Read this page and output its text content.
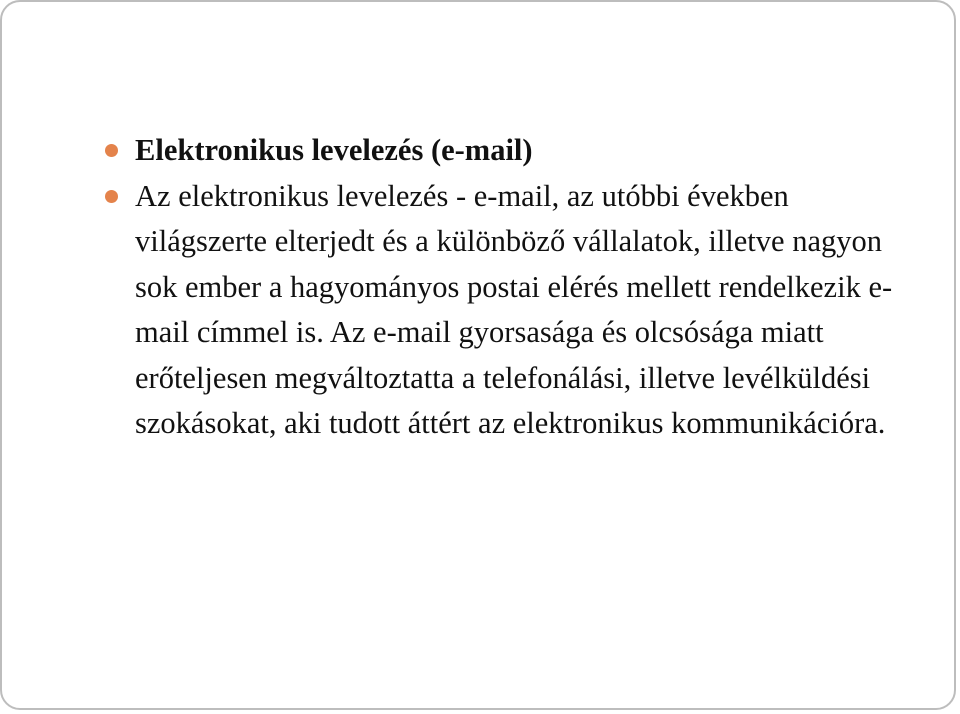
Elektronikus levelezés (e-mail)
Az elektronikus levelezés - e-mail, az utóbbi években világszerte elterjedt és a különböző vállalatok, illetve nagyon sok ember a hagyományos postai elérés mellett rendelkezik e-mail címmel is. Az e-mail gyorsasága és olcsósága miatt erőteljesen megváltoztatta a telefonálási, illetve levélküldési szokásokat, aki tudott áttért az elektronikus kommunikációra.
